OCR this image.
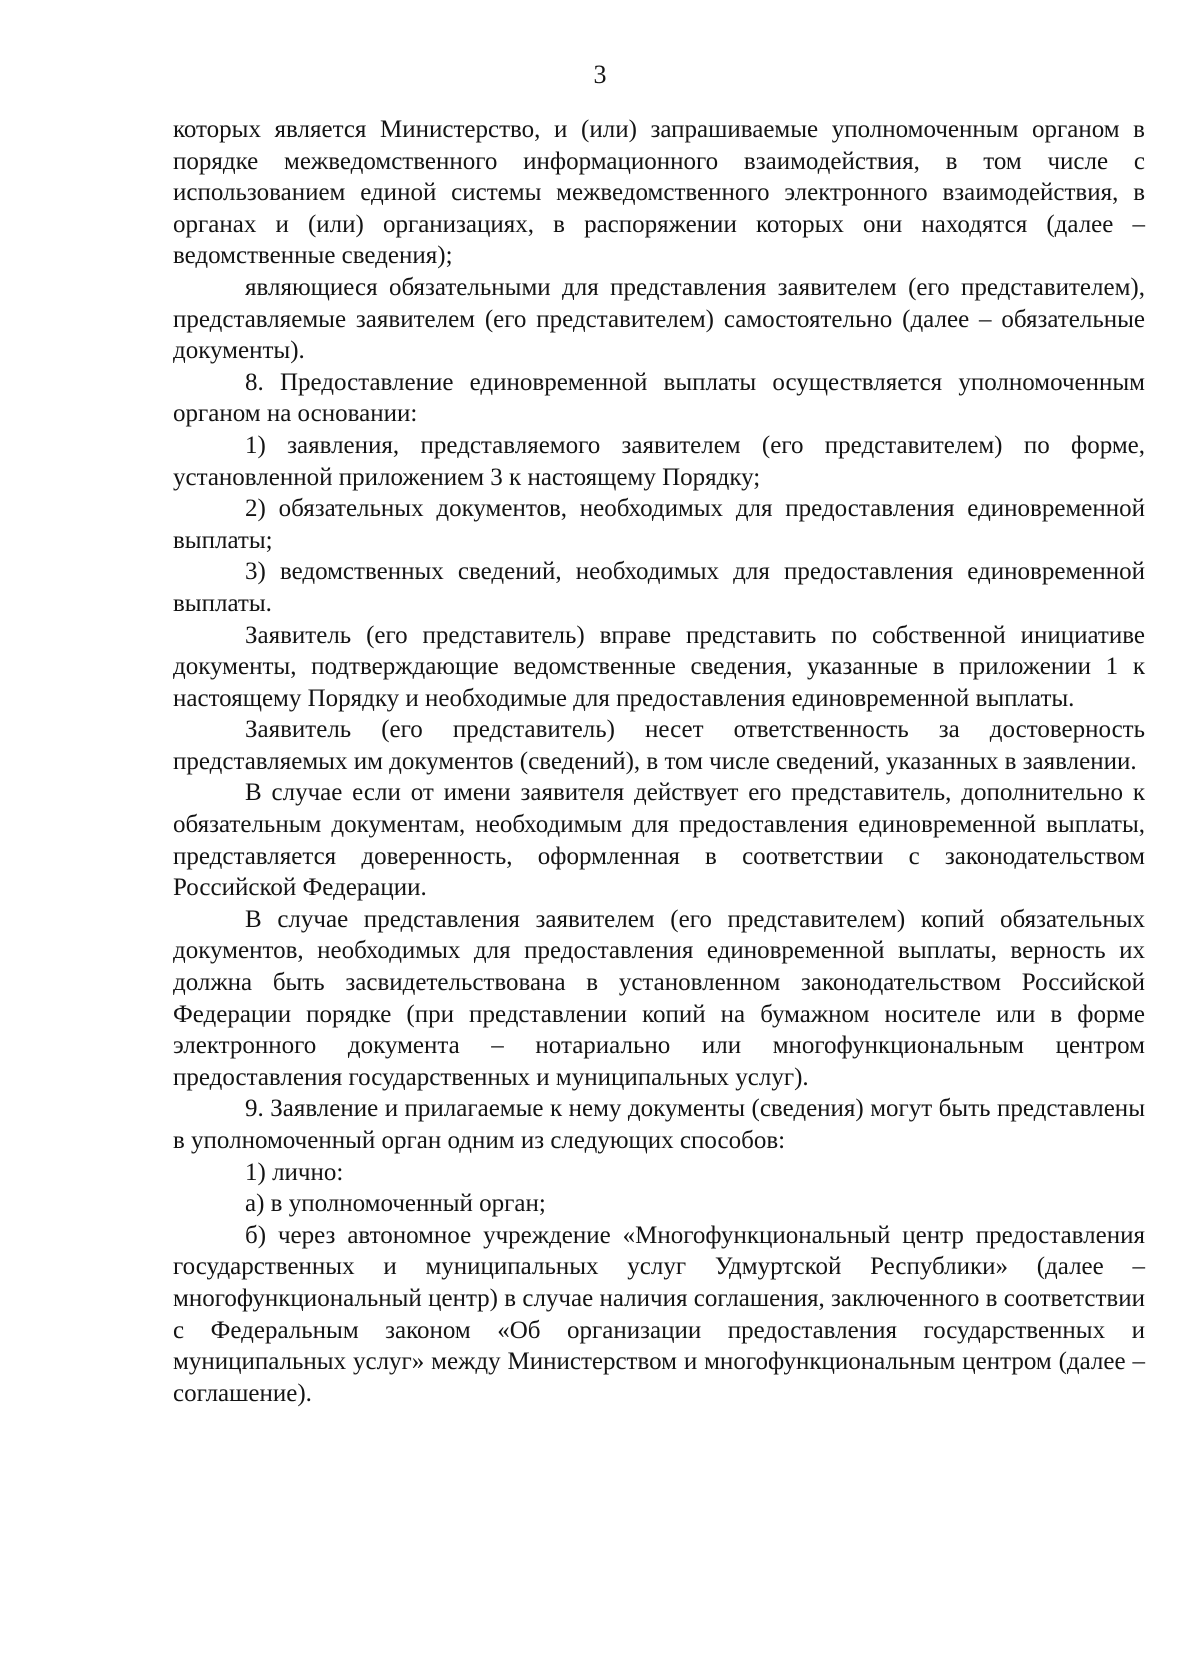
3

которых является Министерство, и (или) запрашиваемые уполномоченным органом в порядке межведомственного информационного взаимодействия, в том числе с использованием единой системы межведомственного электронного взаимодействия, в органах и (или) организациях, в распоряжении которых они находятся (далее – ведомственные сведения);

являющиеся обязательными для представления заявителем (его представителем), представляемые заявителем (его представителем) самостоятельно (далее – обязательные документы).

8. Предоставление единовременной выплаты осуществляется уполномоченным органом на основании:

1) заявления, представляемого заявителем (его представителем) по форме, установленной приложением 3 к настоящему Порядку;

2) обязательных документов, необходимых для предоставления единовременной выплаты;

3) ведомственных сведений, необходимых для предоставления единовременной выплаты.

Заявитель (его представитель) вправе представить по собственной инициативе документы, подтверждающие ведомственные сведения, указанные в приложении 1 к настоящему Порядку и необходимые для предоставления единовременной выплаты.

Заявитель (его представитель) несет ответственность за достоверность представляемых им документов (сведений), в том числе сведений, указанных в заявлении.

В случае если от имени заявителя действует его представитель, дополнительно к обязательным документам, необходимым для предоставления единовременной выплаты, представляется доверенность, оформленная в соответствии с законодательством Российской Федерации.

В случае представления заявителем (его представителем) копий обязательных документов, необходимых для предоставления единовременной выплаты, верность их должна быть засвидетельствована в установленном законодательством Российской Федерации порядке (при представлении копий на бумажном носителе или в форме электронного документа – нотариально или многофункциональным центром предоставления государственных и муниципальных услуг).

9. Заявление и прилагаемые к нему документы (сведения) могут быть представлены в уполномоченный орган одним из следующих способов:

1) лично:

а) в уполномоченный орган;

б) через автономное учреждение «Многофункциональный центр предоставления государственных и муниципальных услуг Удмуртской Республики» (далее – многофункциональный центр) в случае наличия соглашения, заключенного в соответствии с Федеральным законом «Об организации предоставления государственных и муниципальных услуг» между Министерством и многофункциональным центром (далее – соглашение).
